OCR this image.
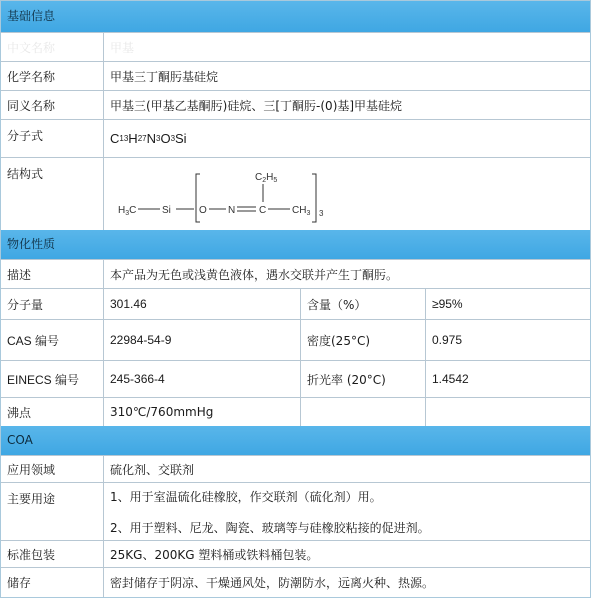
基础信息
中文名称	甲基
化学名称	甲基三丁酮肟基硅烷
同义名称	甲基三(甲基乙基酮肟)硅烷、三[丁酮肟-(0)基]甲基硅烷
分子式	C 13 H 27 N 3 O 3 Si
结构式
$H_3C$	Si	O N C
$C_2H_5$
$CH_3$ 3
物化性质
描述	本产品为无色或浅黄色液体，遇水交联并产生丁酮肟。
分子量	301.46	含量（%）	≥95%
CAS 编号	22984-54-9	密度(25°C)	0.975
EINECS 编号	245-366-4	折光率 (20°C)	1.4542
沸点	310℃/760mmHg
COA
应用领域	硫化剂、交联剂
主要用途	1、用于室温硫化硅橡胶，作交联剂（硫化剂）用。
2、用于塑料、尼龙、陶瓷、玻璃等与硅橡胶粘接的促进剂。
标准包装	25KG、200KG 塑料桶或铁料桶包装。
储存	密封储存于阴凉、干燥通风处，防潮防水，远离火种、热源。
